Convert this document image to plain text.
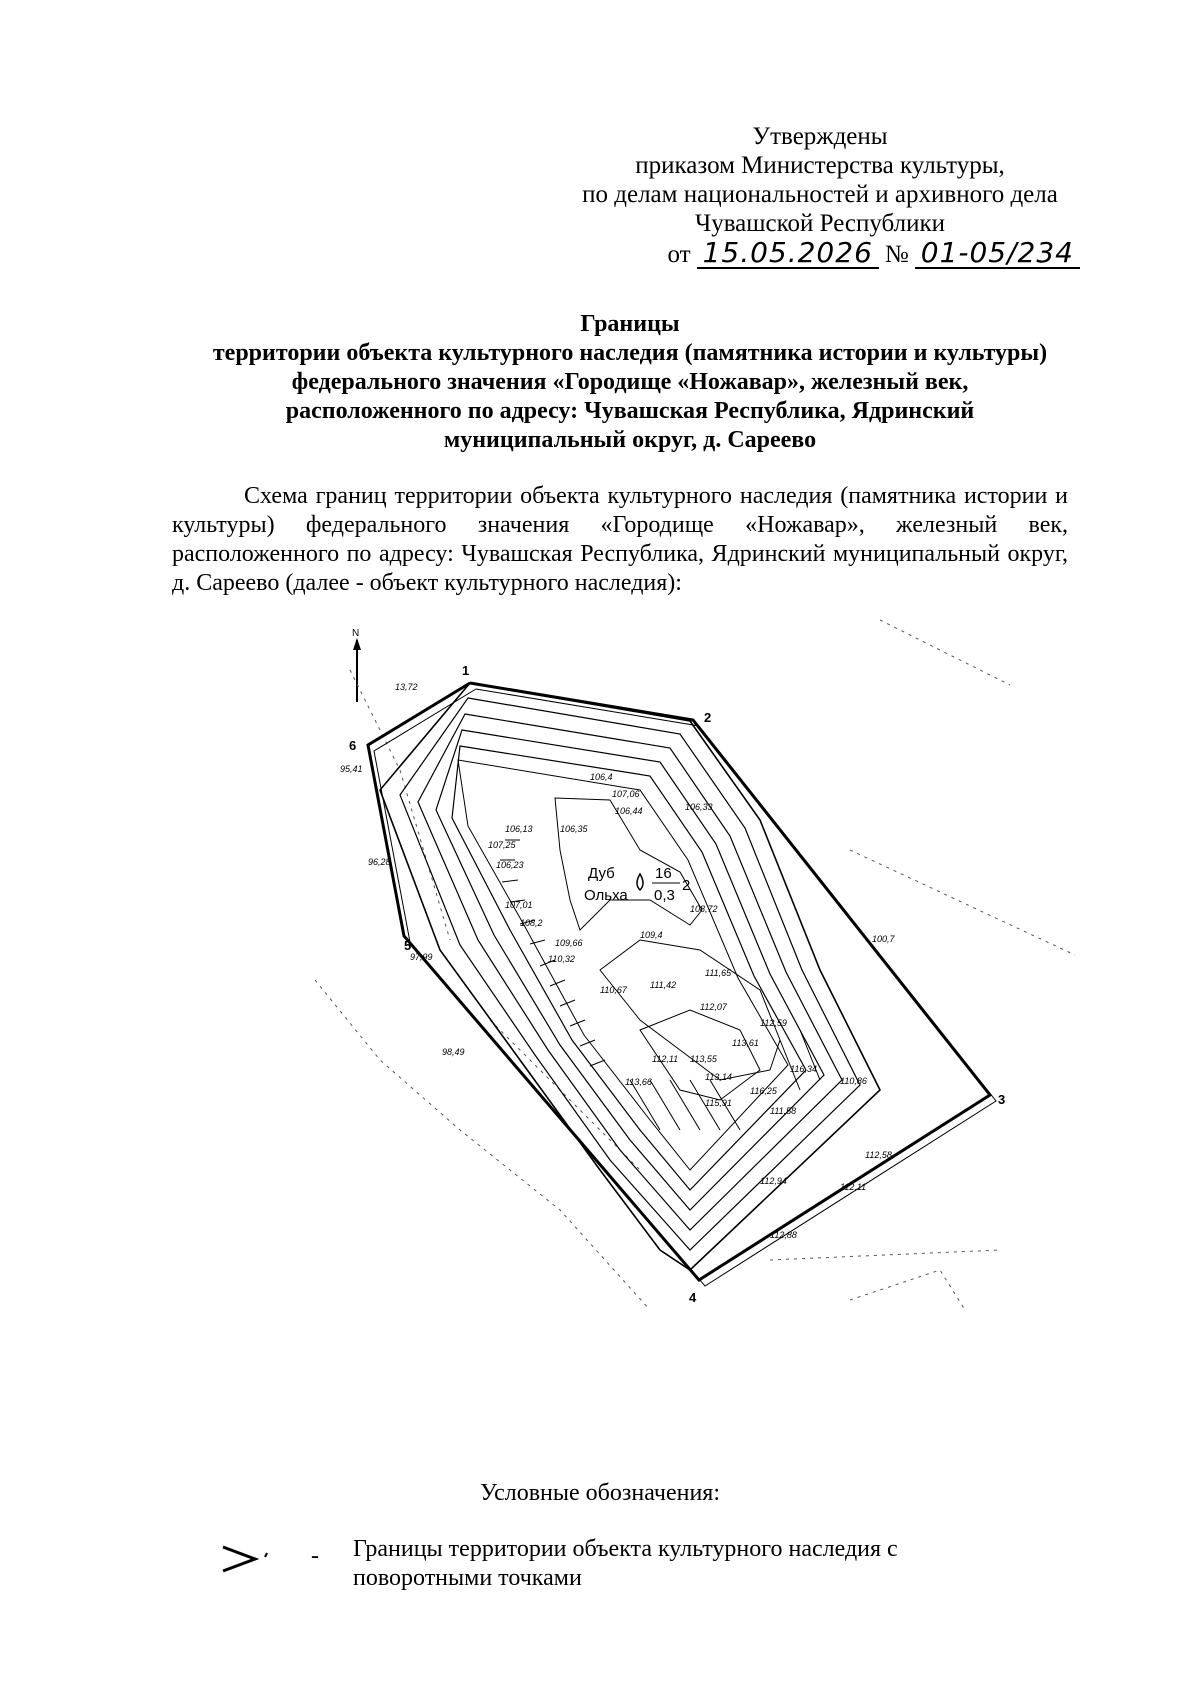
Утверждены
приказом Министерства культуры,
по делам национальностей и архивного дела
Чувашской Республики
от 15.05.2026 № 01-05/234
Границы
территории объекта культурного наследия (памятника истории и культуры)
федерального значения «Городище «Ножавар», железный век,
расположенного по адресу: Чувашская Республика, Ядринский
муниципальный округ, д. Сареево
Схема границ территории объекта культурного наследия (памятника истории и культуры) федерального значения «Городище «Ножавар», железный век, расположенного по адресу: Чувашская Республика, Ядринский муниципальный округ, д. Сареево (далее - объект культурного наследия):
N
1
2
3
4
5
6
13,72
95,41
96,28
97,99
98,49
106,4
107,06
106,44	106,33
106,13	106,35
107,25
106,23
107,01
108,2
109,66
110,32
108,72
109,4
111,65
110,67	111,42
112,07
112,59
113,61
112,11 113,55
113,66	113,14
116,34
116,25
110,86
115,91
111,58
112,58
112,94
112,11
112,88
100,7
Дуб
Ольха
16
2
0,3
Условные обозначения:
- Границы территории объекта культурного наследия с поворотными точками
